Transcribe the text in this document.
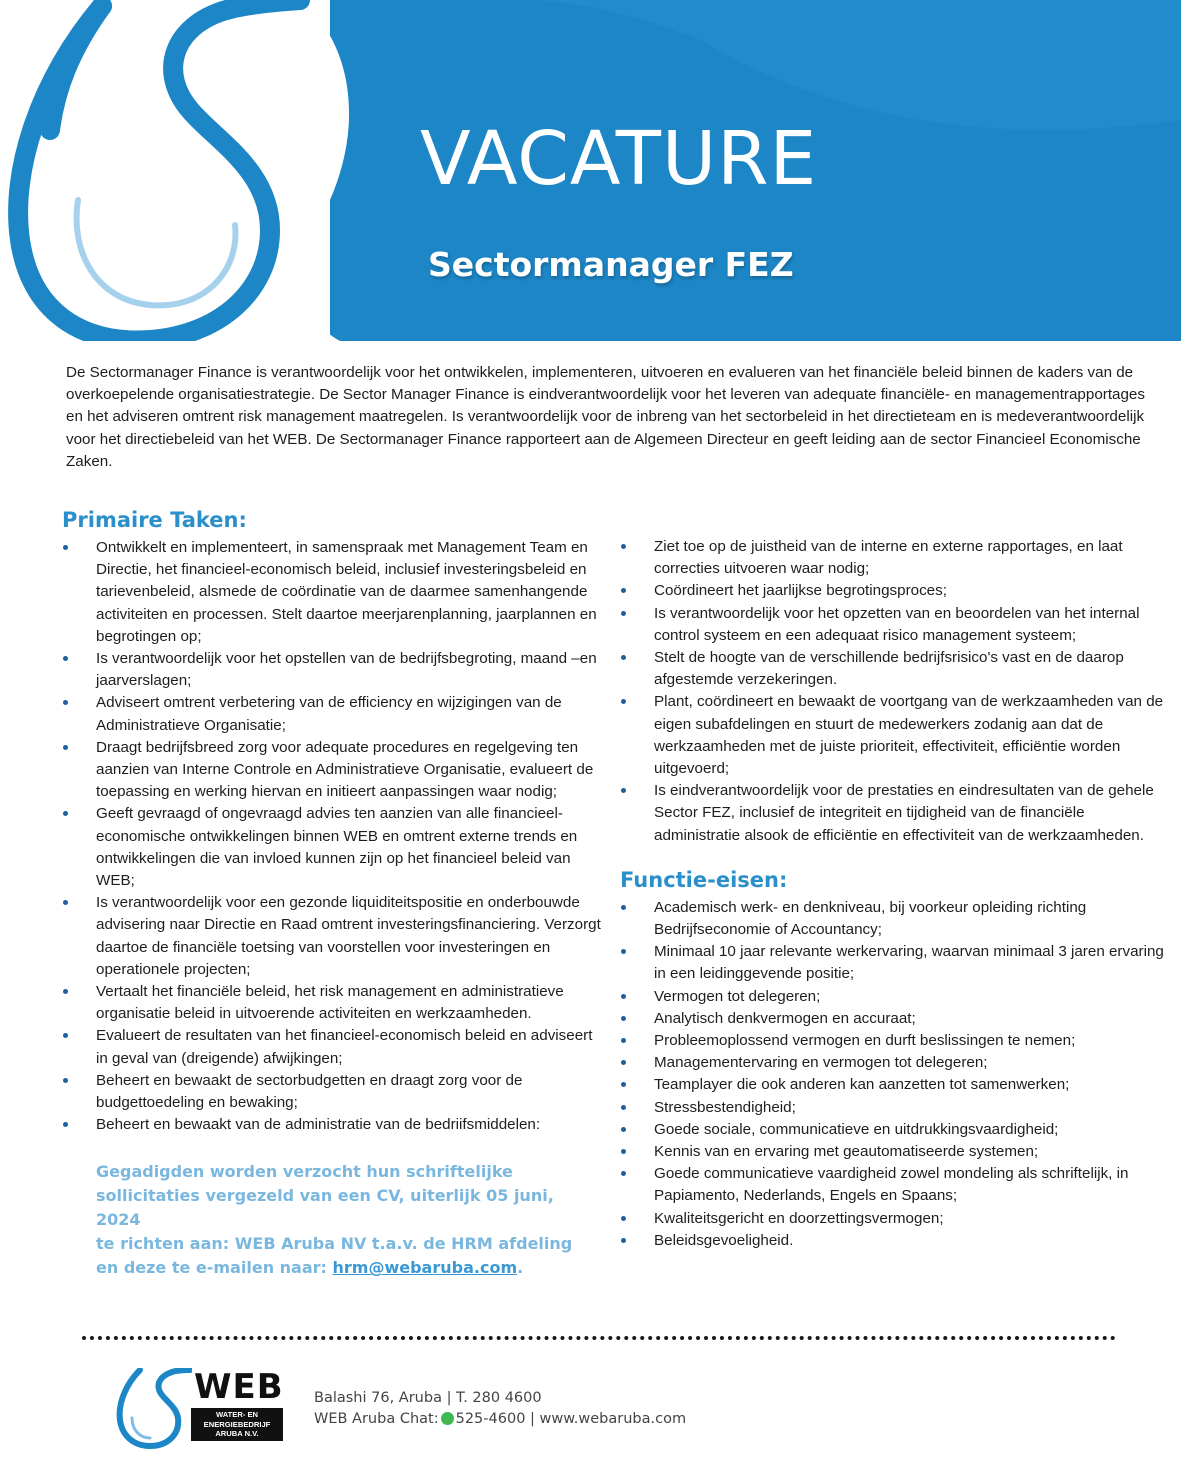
VACATURE
Sectormanager FEZ

De Sectormanager Finance is verantwoordelijk voor het ontwikkelen, implementeren, uitvoeren en evalueren van het financiële beleid binnen de kaders van de overkoepelende organisatiestrategie. De Sector Manager Finance is eindverantwoordelijk voor het leveren van adequate financiële- en managementrapportages en het adviseren omtrent risk management maatregelen. Is verantwoordelijk voor de inbreng van het sectorbeleid in het directieteam en is medeverantwoordelijk voor het directiebeleid van het WEB. De Sectormanager Finance rapporteert aan de Algemeen Directeur en geeft leiding aan de sector Financieel Economische Zaken.

Primaire Taken:
Ontwikkelt en implementeert, in samenspraak met Management Team en Directie, het financieel-economisch beleid, inclusief investeringsbeleid en tarievenbeleid, alsmede de coördinatie van de daarmee samenhangende activiteiten en processen. Stelt daartoe meerjarenplanning, jaarplannen en begrotingen op;
Is verantwoordelijk voor het opstellen van de bedrijfsbegroting, maand –en jaarverslagen;
Adviseert omtrent verbetering van de efficiency en wijzigingen van de Administratieve Organisatie;
Draagt bedrijfsbreed zorg voor adequate procedures en regelgeving ten aanzien van Interne Controle en Administratieve Organisatie, evalueert de toepassing en werking hiervan en initieert aanpassingen waar nodig;
Geeft gevraagd of ongevraagd advies ten aanzien van alle financieel-economische ontwikkelingen binnen WEB en omtrent externe trends en ontwikkelingen die van invloed kunnen zijn op het financieel beleid van WEB;
Is verantwoordelijk voor een gezonde liquiditeitspositie en onderbouwde advisering naar Directie en Raad omtrent investeringsfinanciering. Verzorgt daartoe de financiële toetsing van voorstellen voor investeringen en operationele projecten;
Vertaalt het financiële beleid, het risk management en administratieve organisatie beleid in uitvoerende activiteiten en werkzaamheden.
Evalueert de resultaten van het financieel-economisch beleid en adviseert in geval van (dreigende) afwijkingen;
Beheert en bewaakt de sectorbudgetten en draagt zorg voor de budgettoedeling en bewaking;
Beheert en bewaakt van de administratie van de bedriifsmiddelen:
Gegadigden worden verzocht hun schriftelijke
sollicitaties vergezeld van een CV, uiterlijk 05 juni, 2024
te richten aan: WEB Aruba NV t.a.v. de HRM afdeling
en deze te e-mailen naar: hrm@webaruba.com.
Ziet toe op de juistheid van de interne en externe rapportages, en laat correcties uitvoeren waar nodig;
Coördineert het jaarlijkse begrotingsproces;
Is verantwoordelijk voor het opzetten van en beoordelen van het internal control systeem en een adequaat risico management systeem;
Stelt de hoogte van de verschillende bedrijfsrisico's vast en de daarop afgestemde verzekeringen.
Plant, coördineert en bewaakt de voortgang van de werkzaamheden van de eigen subafdelingen en stuurt de medewerkers zodanig aan dat de werkzaamheden met de juiste prioriteit, effectiviteit, efficiëntie worden uitgevoerd;
Is eindverantwoordelijk voor de prestaties en eindresultaten van de gehele Sector FEZ, inclusief de integriteit en tijdigheid van de financiële administratie alsook de efficiëntie en effectiviteit van de werkzaamheden.
Functie-eisen:
Academisch werk- en denkniveau, bij voorkeur opleiding richting Bedrijfseconomie of Accountancy;
Minimaal 10 jaar relevante werkervaring, waarvan minimaal 3 jaren ervaring in een leidinggevende positie;
Vermogen tot delegeren;
Analytisch denkvermogen en accuraat;
Probleemoplossend vermogen en durft beslissingen te nemen;
Managementervaring en vermogen tot delegeren;
Teamplayer die ook anderen kan aanzetten tot samenwerken;
Stressbestendigheid;
Goede sociale, communicatieve en uitdrukkingsvaardigheid;
Kennis van en ervaring met geautomatiseerde systemen;
Goede communicatieve vaardigheid zowel mondeling als schriftelijk, in Papiamento, Nederlands, Engels en Spaans;
Kwaliteitsgericht en doorzettingsvermogen;
Beleidsgevoeligheid.
WEB
WATER- EN
ENERGIEBEDRIJF
ARUBA N.V.
Balashi 76, Aruba | T. 280 4600
WEB Aruba Chat: 525-4600 | www.webaruba.com
